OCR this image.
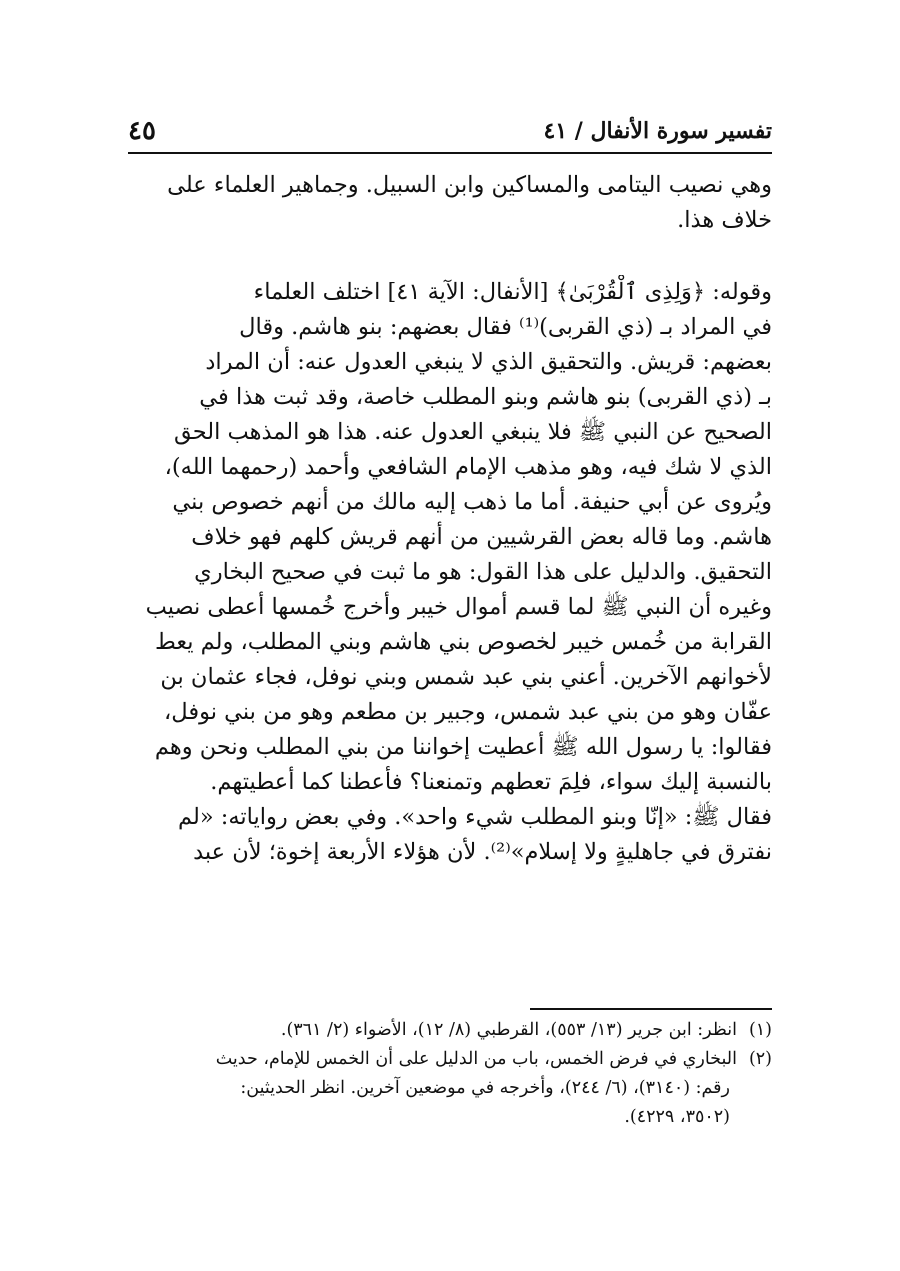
تفسير سورة الأنفال / ٤١
٤٥
وهي نصيب اليتامى والمساكين وابن السبيل. وجماهير العلماء على
خلاف هذا.
وقوله: ﴿وَلِذِى ٱلْقُرْبَىٰ﴾ [الأنفال: الآية ٤١] اختلف العلماء
في المراد بـ (ذي القربى)⁽¹⁾ فقال بعضهم: بنو هاشم. وقال
بعضهم: قريش. والتحقيق الذي لا ينبغي العدول عنه: أن المراد
بـ (ذي القربى) بنو هاشم وبنو المطلب خاصة، وقد ثبت هذا في
الصحيح عن النبي ﷺ فلا ينبغي العدول عنه. هذا هو المذهب الحق
الذي لا شك فيه، وهو مذهب الإمام الشافعي وأحمد (رحمهما الله)،
ويُروى عن أبي حنيفة. أما ما ذهب إليه مالك من أنهم خصوص بني
هاشم. وما قاله بعض القرشيين من أنهم قريش كلهم فهو خلاف
التحقيق. والدليل على هذا القول: هو ما ثبت في صحيح البخاري
وغيره أن النبي ﷺ لما قسم أموال خيبر وأخرج خُمسها أعطى نصيب
القرابة من خُمس خيبر لخصوص بني هاشم وبني المطلب، ولم يعط
لأخوانهم الآخرين. أعني بني عبد شمس وبني نوفل، فجاء عثمان بن
عفّان وهو من بني عبد شمس، وجبير بن مطعم وهو من بني نوفل،
فقالوا: يا رسول الله ﷺ أعطيت إخواننا من بني المطلب ونحن وهم
بالنسبة إليك سواء، فلِمَ تعطهم وتمنعنا؟ فأعطنا كما أعطيتهم.
فقال ﷺ: «إنّا وبنو المطلب شيء واحد». وفي بعض رواياته: «لم
نفترق في جاهليةٍ ولا إسلام»⁽²⁾. لأن هؤلاء الأربعة إخوة؛ لأن عبد
(١)انظر: ابن جرير (١٣/ ٥٥٣)، القرطبي (٨/ ١٢)، الأضواء (٢/ ٣٦١).
(٢)البخاري في فرض الخمس، باب من الدليل على أن الخمس للإمام، حديث
رقم: (٣١٤٠)، (٦/ ٢٤٤)، وأخرجه في موضعين آخرين. انظر الحديثين:
(٣٥٠٢، ٤٢٢٩).
